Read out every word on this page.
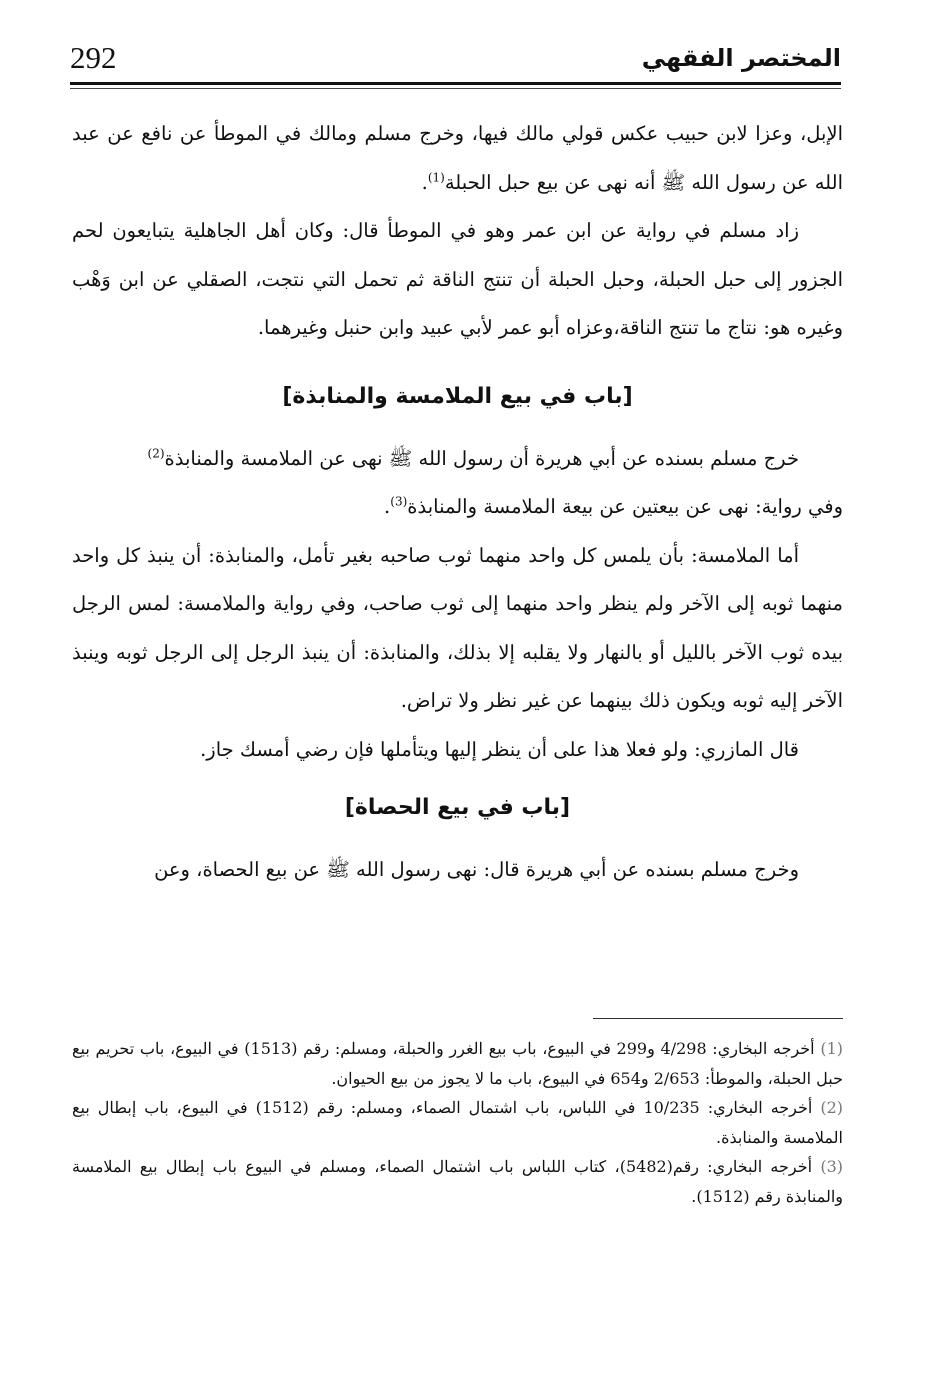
292	المختصر الفقهي

الإبل، وعزا لابن حبيب عكس قولي مالك فيها، وخرج مسلم ومالك في الموطأ عن نافع عن عبد الله عن رسول الله ﷺ أنه نهى عن بيع حبل الحبلة$^{(1)}$.

زاد مسلم في رواية عن ابن عمر وهو في الموطأ قال: وكان أهل الجاهلية يتبايعون لحم الجزور إلى حبل الحبلة، وحبل الحبلة أن تنتج الناقة ثم تحمل التي نتجت، الصقلي عن ابن وَهْب وغيره هو: نتاج ما تنتج الناقة،وعزاه أبو عمر لأبي عبيد وابن حنبل وغيرهما.

[باب في بيع الملامسة والمنابذة]

خرج مسلم بسنده عن أبي هريرة أن رسول الله ﷺ نهى عن الملامسة والمنابذة$^{(2)}$

وفي رواية: نهى عن بيعتين عن بيعة الملامسة والمنابذة$^{(3)}$.

أما الملامسة: بأن يلمس كل واحد منهما ثوب صاحبه بغير تأمل، والمنابذة: أن ينبذ كل واحد منهما ثوبه إلى الآخر ولم ينظر واحد منهما إلى ثوب صاحب، وفي رواية والملامسة: لمس الرجل بيده ثوب الآخر بالليل أو بالنهار ولا يقلبه إلا بذلك، والمنابذة: أن ينبذ الرجل إلى الرجل ثوبه وينبذ الآخر إليه ثوبه ويكون ذلك بينهما عن غير نظر ولا تراض.

قال المازري: ولو فعلا هذا على أن ينظر إليها ويتأملها فإن رضي أمسك جاز.

[باب في بيع الحصاة]

وخرج مسلم بسنده عن أبي هريرة قال: نهى رسول الله ﷺ عن بيع الحصاة، وعن

(1) أخرجه البخاري: 4/298 و299 في البيوع، باب بيع الغرر والحبلة، ومسلم: رقم (1513) في البيوع، باب تحريم بيع حبل الحبلة، والموطأ: 2/653 و654 في البيوع، باب ما لا يجوز من بيع الحيوان.

(2) أخرجه البخاري: 10/235 في اللباس، باب اشتمال الصماء، ومسلم: رقم (1512) في البيوع، باب إبطال بيع الملامسة والمنابذة.

(3) أخرجه البخاري: رقم(5482)، كتاب اللباس باب اشتمال الصماء، ومسلم في البيوع باب إبطال بيع الملامسة والمنابذة رقم (1512).
